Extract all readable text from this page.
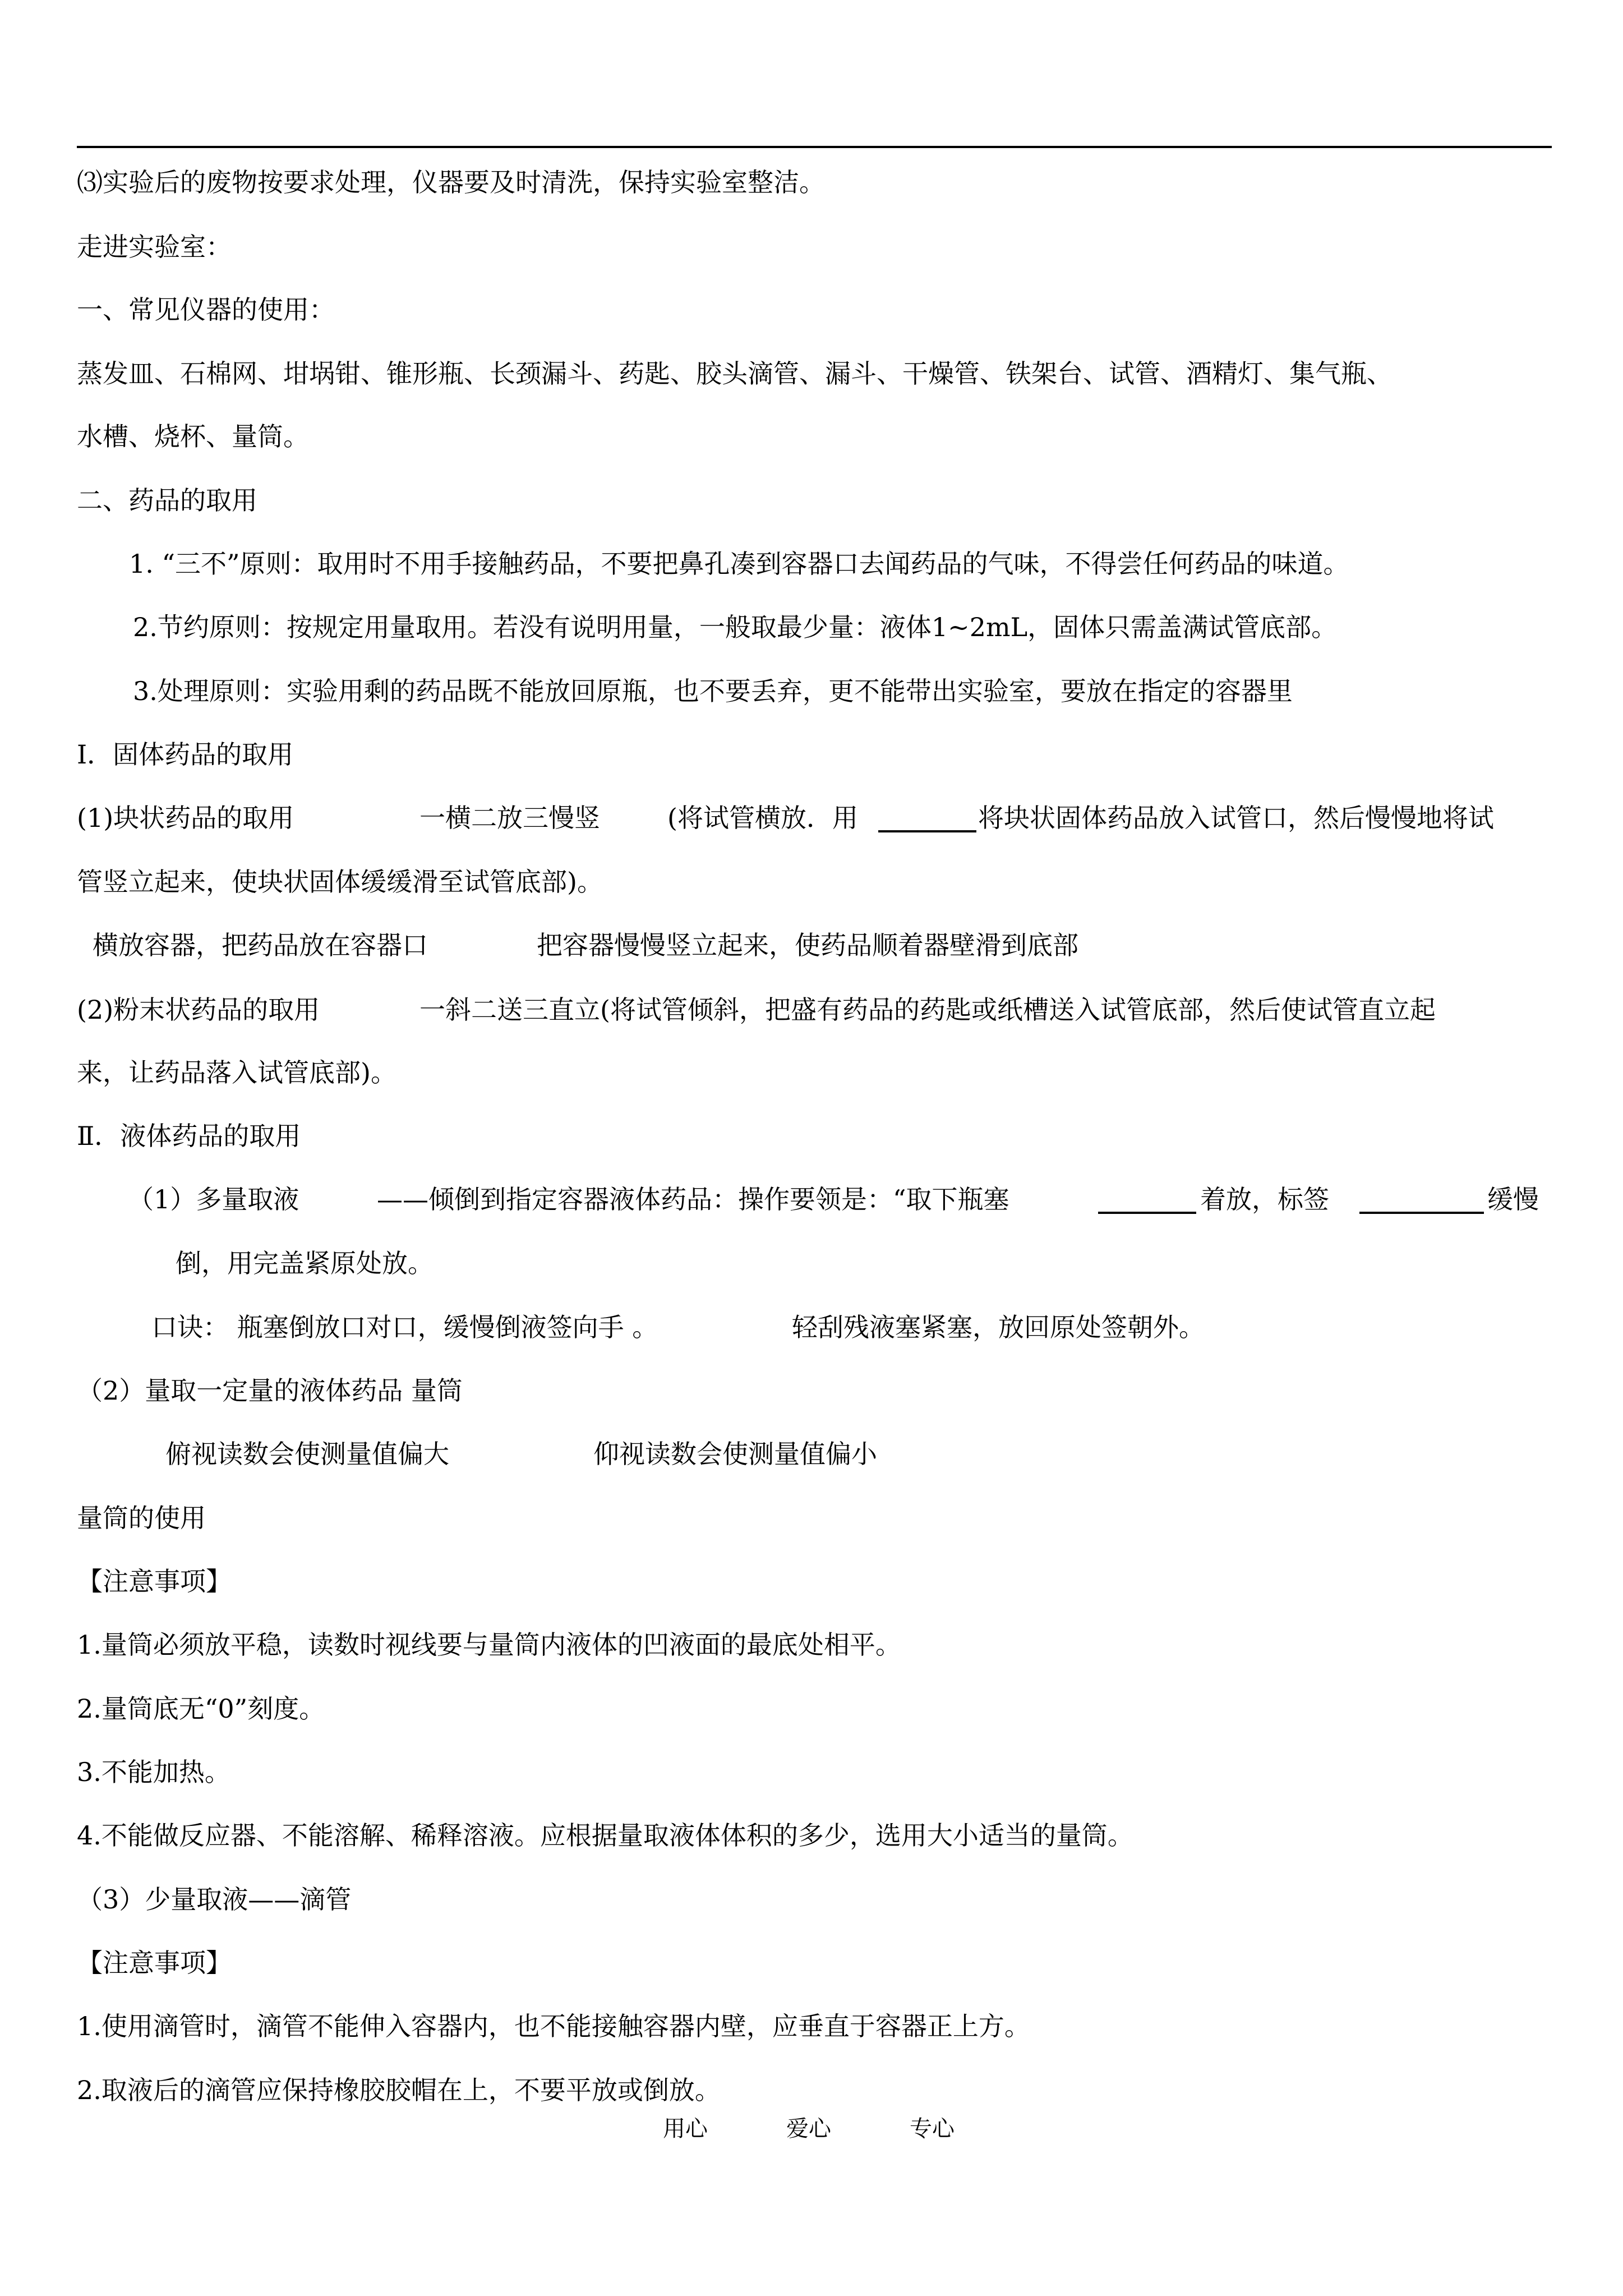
⑶实验后的废物按要求处理，仪器要及时清洗，保持实验室整洁。
走进实验室：
一、常见仪器的使用：
蒸发皿、石棉网、坩埚钳、锥形瓶、长颈漏斗、药匙、胶头滴管、漏斗、干燥管、铁架台、试管、酒精灯、集气瓶、
水槽、烧杯、量筒。
二、药品的取用
1. “三不”原则：取用时不用手接触药品，不要把鼻孔凑到容器口去闻药品的气味，不得尝任何药品的味道。
2.节约原则：按规定用量取用。若没有说明用量，一般取最少量：液体1~2mL，固体只需盖满试管底部。
3.处理原则：实验用剩的药品既不能放回原瓶，也不要丢弃，更不能带出实验室，要放在指定的容器里
Ⅰ．固体药品的取用
(1)块状药品的取用	一横二放三慢竖	(将试管横放．用	将块状固体药品放入试管口，然后慢慢地将试
管竖立起来，使块状固体缓缓滑至试管底部)。
横放容器，把药品放在容器口	把容器慢慢竖立起来，使药品顺着器壁滑到底部
(2)粉末状药品的取用	一斜二送三直立(将试管倾斜，把盛有药品的药匙或纸槽送入试管底部，然后使试管直立起
来，让药品落入试管底部)。
Ⅱ．液体药品的取用
（1）多量取液	——倾倒到指定容器液体药品：操作要领是：“取下瓶塞	着放，标签	缓慢
倒，用完盖紧原处放。
口诀： 瓶塞倒放口对口，缓慢倒液签向手 。	轻刮残液塞紧塞，放回原处签朝外。
（2）量取一定量的液体药品 量筒
俯视读数会使测量值偏大	仰视读数会使测量值偏小
量筒的使用
【注意事项】
1.量筒必须放平稳，读数时视线要与量筒内液体的凹液面的最底处相平。
2.量筒底无“0”刻度。
3.不能加热。
4.不能做反应器、不能溶解、稀释溶液。应根据量取液体体积的多少，选用大小适当的量筒。
（3）少量取液——滴管
【注意事项】
1.使用滴管时，滴管不能伸入容器内，也不能接触容器内壁，应垂直于容器正上方。
2.取液后的滴管应保持橡胶胶帽在上，不要平放或倒放。
用心	爱心	专心
